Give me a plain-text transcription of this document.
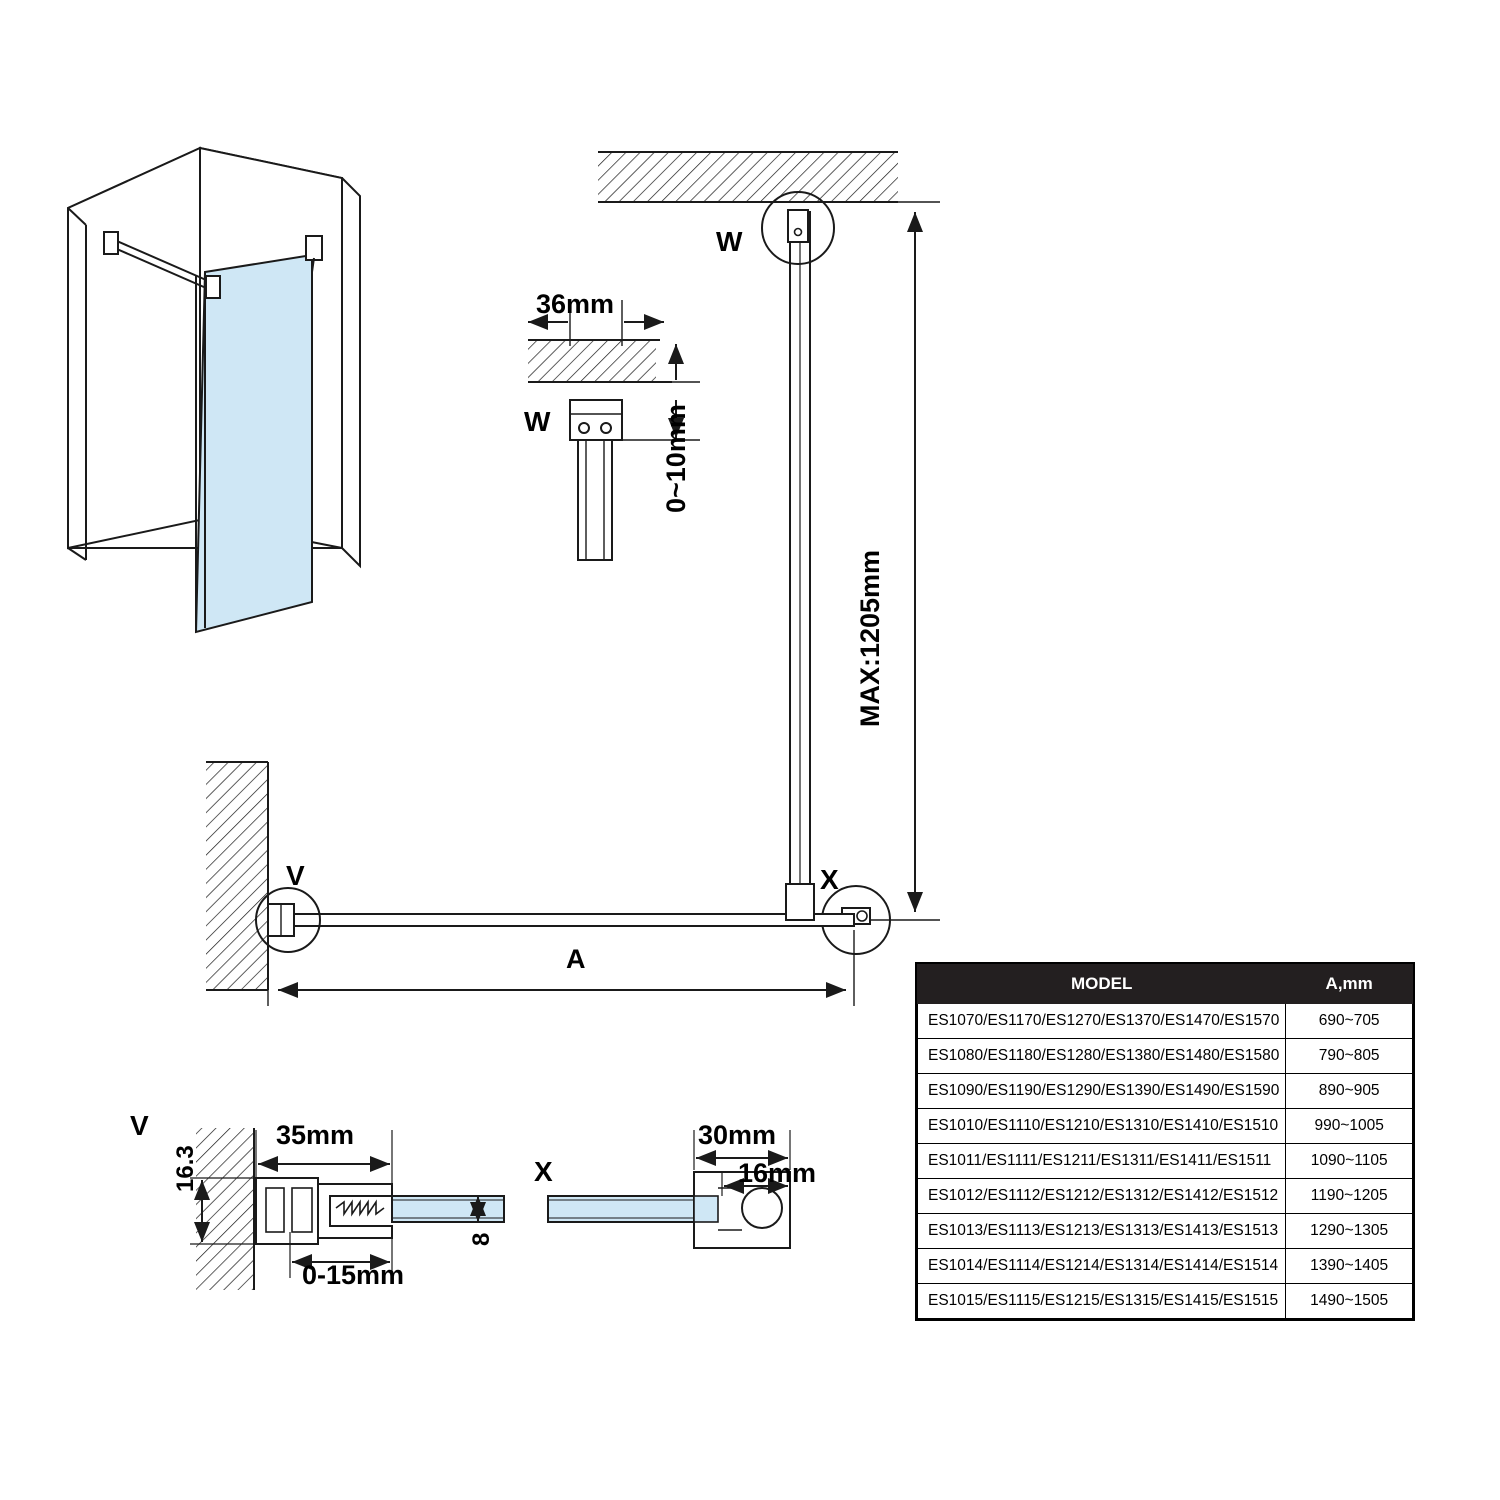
36mm
0~10mm
W
W
MAX:1205mm
V	X
A
V
16.3
35mm
0-15mm
8
X
30mm
16mm
MODEL	A,mm
ES1070/ES1170/ES1270/ES1370/ES1470/ES1570	690~705
ES1080/ES1180/ES1280/ES1380/ES1480/ES1580	790~805
ES1090/ES1190/ES1290/ES1390/ES1490/ES1590	890~905
ES1010/ES1110/ES1210/ES1310/ES1410/ES1510	990~1005
ES1011/ES1111/ES1211/ES1311/ES1411/ES1511	1090~1105
ES1012/ES1112/ES1212/ES1312/ES1412/ES1512	1190~1205
ES1013/ES1113/ES1213/ES1313/ES1413/ES1513	1290~1305
ES1014/ES1114/ES1214/ES1314/ES1414/ES1514	1390~1405
ES1015/ES1115/ES1215/ES1315/ES1415/ES1515	1490~1505
